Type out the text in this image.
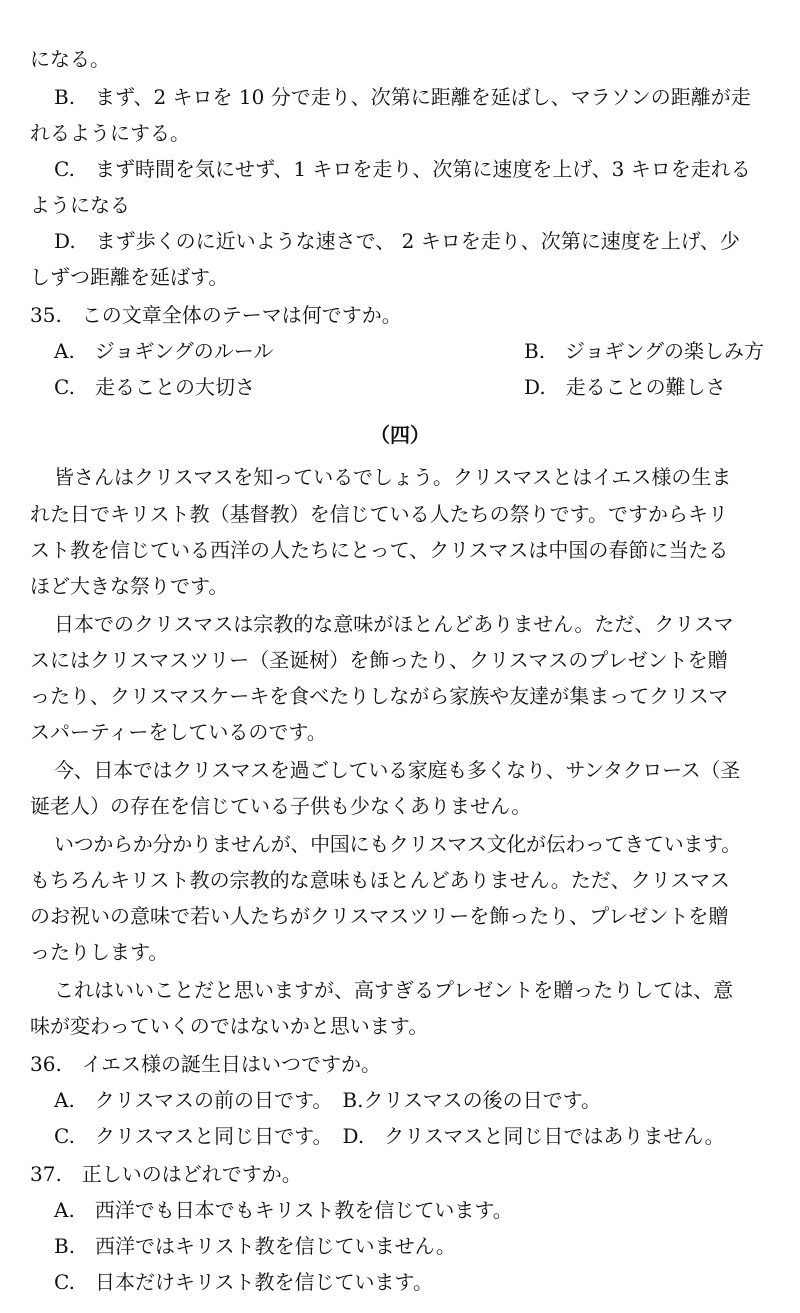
になる。
B.　まず、2 キロを 10 分で走り、次第に距離を延ばし、マラソンの距離が走
れるようにする。
C.　まず時間を気にせず、1 キロを走り、次第に速度を上げ、3 キロを走れる
ようになる
D.　まず歩くのに近いような速さで、 2 キロを走り、次第に速度を上げ、少
しずつ距離を延ばす。
35.　この文章全体のテーマは何ですか。
A.　ジョギングのルール	B.　ジョギングの楽しみ方
C.　走ることの大切さ	D.　走ることの難しさ
（四）
皆さんはクリスマスを知っているでしょう。クリスマスとはイエス様の生ま
れた日でキリスト教（基督教）を信じている人たちの祭りです。ですからキリ
スト教を信じている西洋の人たちにとって、クリスマスは中国の春節に当たる
ほど大きな祭りです。
日本でのクリスマスは宗教的な意味がほとんどありません。ただ、クリスマ
スにはクリスマスツリー（圣诞树）を飾ったり、クリスマスのプレゼントを贈
ったり、クリスマスケーキを食べたりしながら家族や友達が集まってクリスマ
スパーティーをしているのです。
今、日本ではクリスマスを過ごしている家庭も多くなり、サンタクロース（圣
诞老人）の存在を信じている子供も少なくありません。
いつからか分かりませんが、中国にもクリスマス文化が伝わってきています。
もちろんキリスト教の宗教的な意味もほとんどありません。ただ、クリスマス
のお祝いの意味で若い人たちがクリスマスツリーを飾ったり、プレゼントを贈
ったりします。
これはいいことだと思いますが、高すぎるプレゼントを贈ったりしては、意
味が変わっていくのではないかと思います。
36.　イエス様の誕生日はいつですか。
A.　クリスマスの前の日です。　B.クリスマスの後の日です。
C.　クリスマスと同じ日です。　D.　クリスマスと同じ日ではありません。
37.　正しいのはどれですか。
A.　西洋でも日本でもキリスト教を信じています。
B.　西洋ではキリスト教を信じていません。
C.　日本だけキリスト教を信じています。
